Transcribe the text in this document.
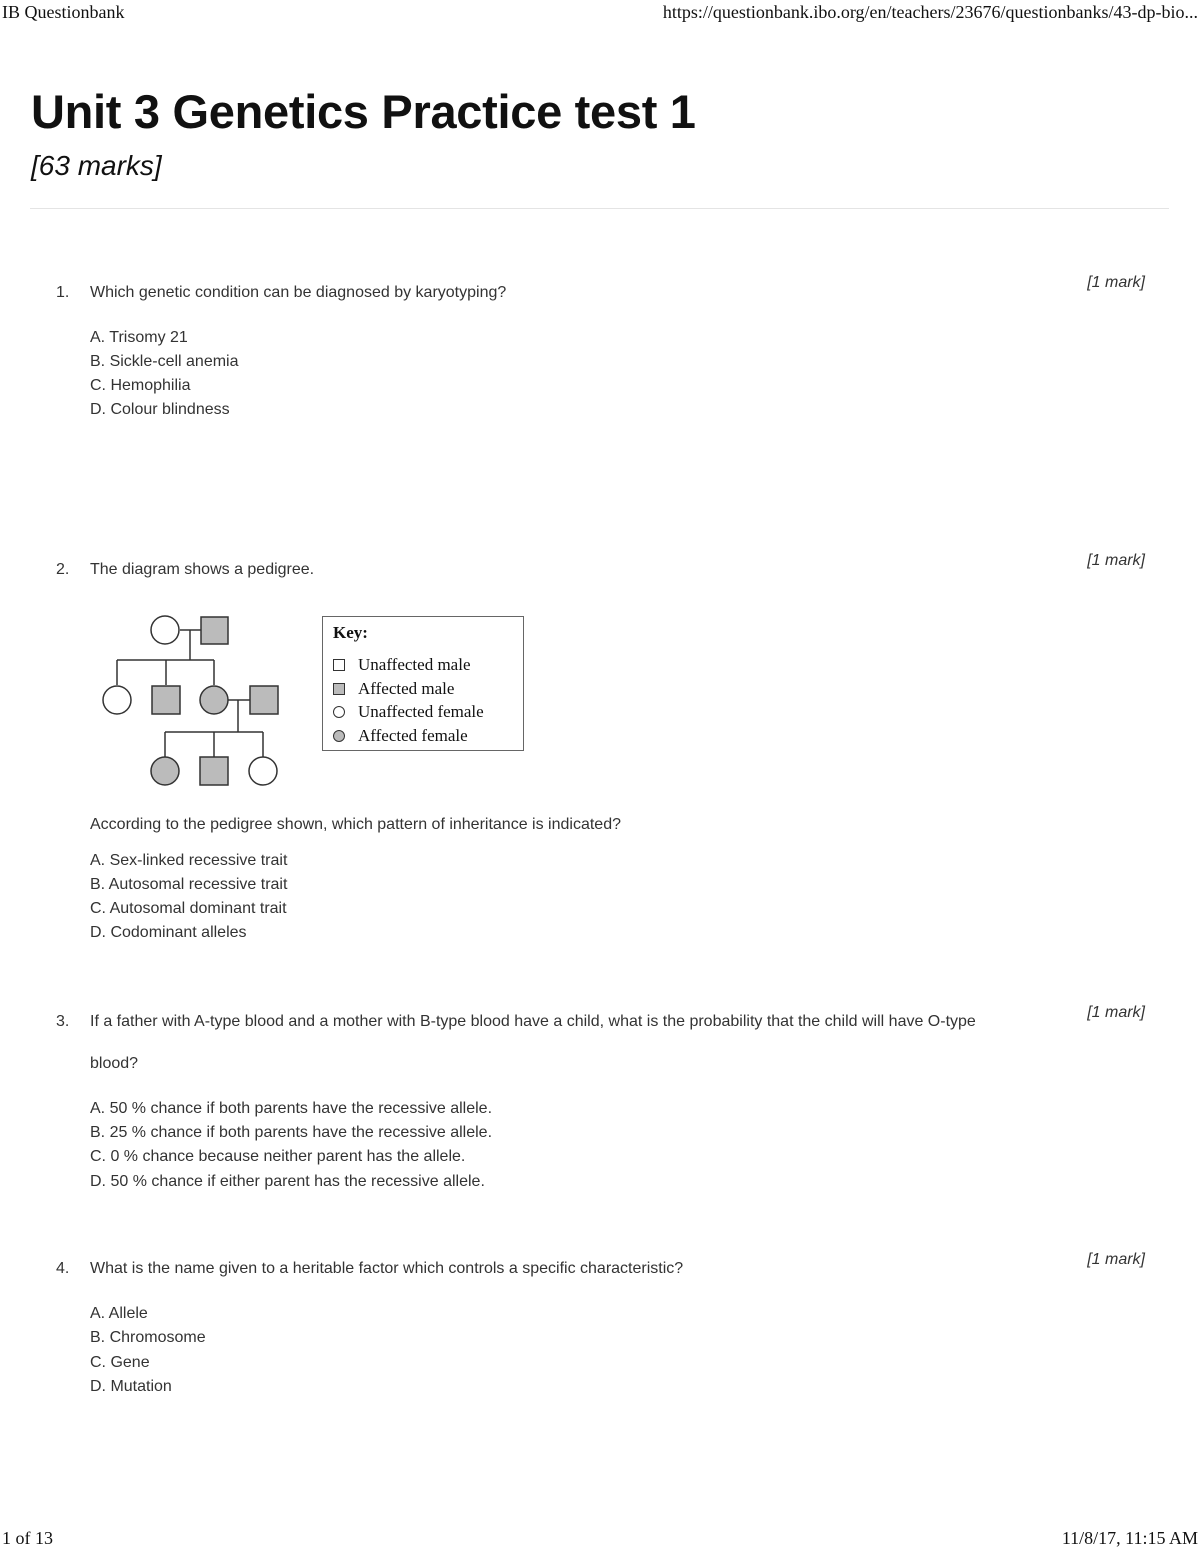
IB Questionbank	https://questionbank.ibo.org/en/teachers/23676/questionbanks/43-dp-bio...
Unit 3 Genetics Practice test 1
[63 marks]
1. Which genetic condition can be diagnosed by karyotyping?
[1 mark]
A. Trisomy 21
B. Sickle-cell anemia
C. Hemophilia
D. Colour blindness
2. The diagram shows a pedigree.
[1 mark]
Key:
Unaffected male
Affected male
Unaffected female
Affected female
According to the pedigree shown, which pattern of inheritance is indicated?
A. Sex-linked recessive trait
B. Autosomal recessive trait
C. Autosomal dominant trait
D. Codominant alleles
3. If a father with A-type blood and a mother with B-type blood have a child, what is the probability that the child will have O-type
blood?
[1 mark]
A. 50 % chance if both parents have the recessive allele.
B. 25 % chance if both parents have the recessive allele.
C. 0 % chance because neither parent has the allele.
D. 50 % chance if either parent has the recessive allele.
4. What is the name given to a heritable factor which controls a specific characteristic?
[1 mark]
A. Allele
B. Chromosome
C. Gene
D. Mutation
1 of 13	11/8/17, 11:15 AM
